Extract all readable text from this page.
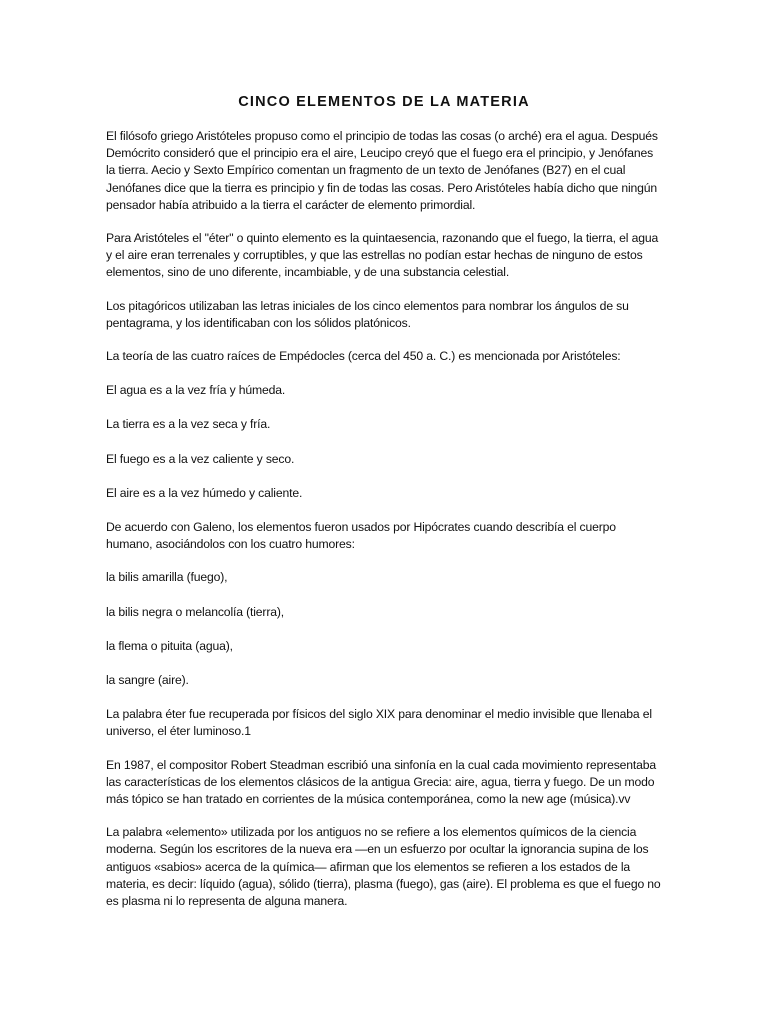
CINCO ELEMENTOS DE LA MATERIA

El filósofo griego Aristóteles propuso como el principio de todas las cosas (o arché) era el agua. Después Demócrito consideró que el principio era el aire, Leucipo creyó que el fuego era el principio, y Jenófanes la tierra. Aecio y Sexto Empírico comentan un fragmento de un texto de Jenófanes (B27) en el cual Jenófanes dice que la tierra es principio y fin de todas las cosas. Pero Aristóteles había dicho que ningún pensador había atribuido a la tierra el carácter de elemento primordial.

Para Aristóteles el "éter" o quinto elemento es la quintaesencia, razonando que el fuego, la tierra, el agua y el aire eran terrenales y corruptibles, y que las estrellas no podían estar hechas de ninguno de estos elementos, sino de uno diferente, incambiable, y de una substancia celestial.

Los pitagóricos utilizaban las letras iniciales de los cinco elementos para nombrar los ángulos de su pentagrama, y los identificaban con los sólidos platónicos.

La teoría de las cuatro raíces de Empédocles (cerca del 450 a. C.) es mencionada por Aristóteles:

El agua es a la vez fría y húmeda.

La tierra es a la vez seca y fría.

El fuego es a la vez caliente y seco.

El aire es a la vez húmedo y caliente.

De acuerdo con Galeno, los elementos fueron usados por Hipócrates cuando describía el cuerpo humano, asociándolos con los cuatro humores:

la bilis amarilla (fuego),

la bilis negra o melancolía (tierra),

la flema o pituita (agua),

la sangre (aire).

La palabra éter fue recuperada por físicos del siglo XIX para denominar el medio invisible que llenaba el universo, el éter luminoso.1

En 1987, el compositor Robert Steadman escribió una sinfonía en la cual cada movimiento representaba las características de los elementos clásicos de la antigua Grecia: aire, agua, tierra y fuego. De un modo más tópico se han tratado en corrientes de la música contemporánea, como la new age (música).vv

La palabra «elemento» utilizada por los antiguos no se refiere a los elementos químicos de la ciencia moderna. Según los escritores de la nueva era —en un esfuerzo por ocultar la ignorancia supina de los antiguos «sabios» acerca de la química— afirman que los elementos se refieren a los estados de la materia, es decir: líquido (agua), sólido (tierra), plasma (fuego), gas (aire). El problema es que el fuego no es plasma ni lo representa de alguna manera.
